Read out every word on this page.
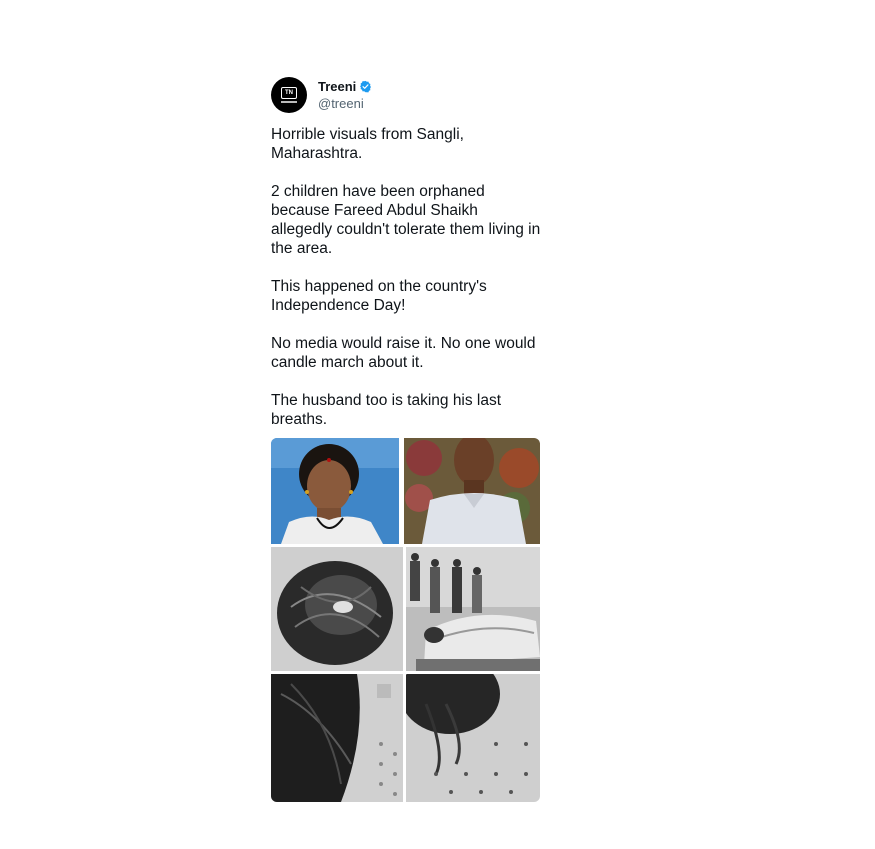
TN	Treeni
@treeni

Horrible visuals from Sangli, Maharashtra.

2 children have been orphaned because Fareed Abdul Shaikh allegedly couldn't tolerate them living in the area.

This happened on the country's Independence Day!

No media would raise it. No one would candle march about it.

The husband too is taking his last breaths.
